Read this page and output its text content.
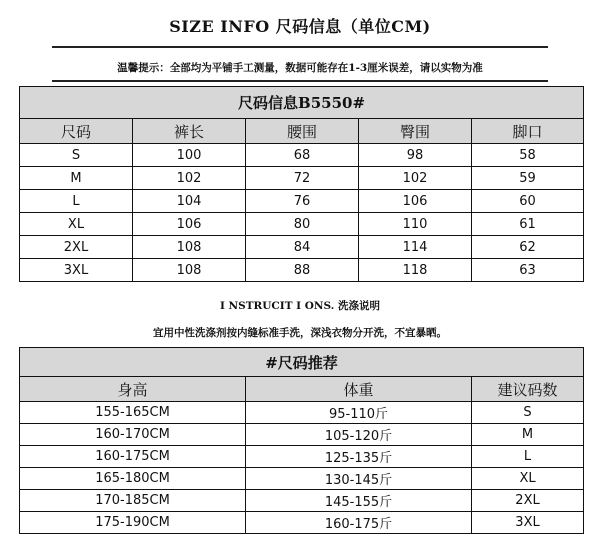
SIZE INFO 尺码信息（单位CM)
温馨提示：全部均为平铺手工测量，数据可能存在1-3厘米误差，请以实物为准
尺码信息B5550#				
尺码	裤长	腰围	臀围	脚口
S	100	68	98	58
M	102	72	102	59
L	104	76	106	60
XL	106	80	110	61
2XL	108	84	114	62
3XL	108	88	118	63
I NSTRUCIT I ONS. 洗涤说明
宜用中性洗涤剂按内缝标准手洗，深浅衣物分开洗，不宜暴晒。
#尺码推荐		
身高	体重	建议码数
155-165CM	95-110斤	S
160-170CM	105-120斤	M
160-175CM	125-135斤	L
165-180CM	130-145斤	XL
170-185CM	145-155斤	2XL
175-190CM	160-175斤	3XL
